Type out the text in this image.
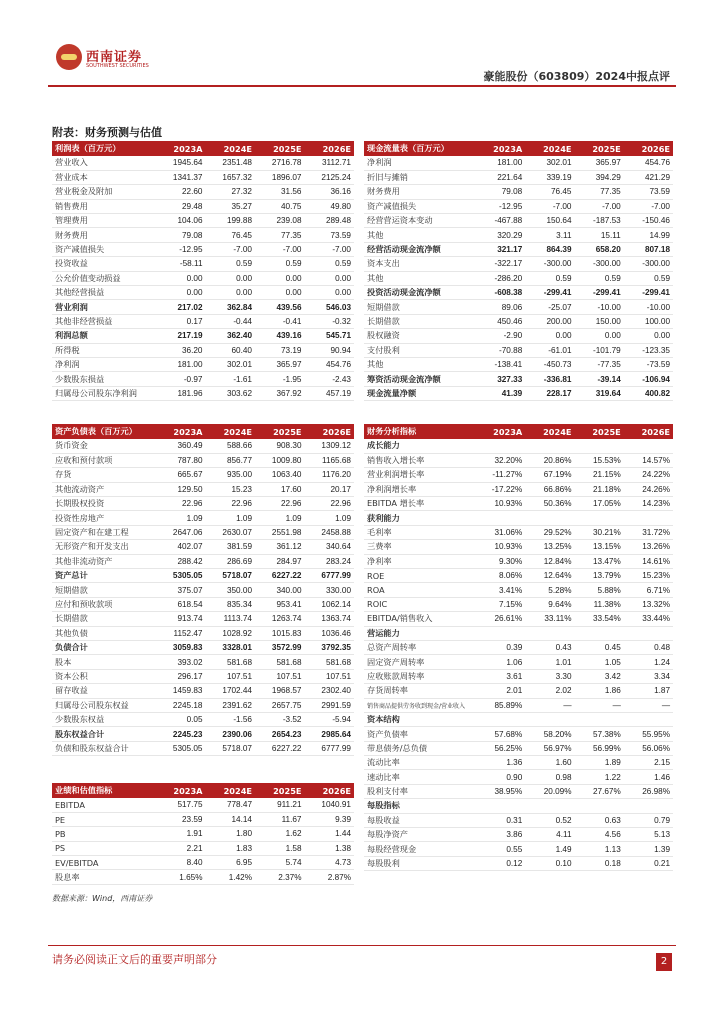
西南证券
SOUTHWEST SECURITIES
豪能股份（603809）2024中报点评
附表：财务预测与估值
利润表（百万元）	2023A	2024E	2025E	2026E
营业收入	1945.64	2351.48	2716.78	3112.71
营业成本	1341.37	1657.32	1896.07	2125.24
营业税金及附加	22.60	27.32	31.56	36.16
销售费用	29.48	35.27	40.75	49.80
管理费用	104.06	199.88	239.08	289.48
财务费用	79.08	76.45	77.35	73.59
资产减值损失	-12.95	-7.00	-7.00	-7.00
投资收益	-58.11	0.59	0.59	0.59
公允价值变动损益	0.00	0.00	0.00	0.00
其他经营损益	0.00	0.00	0.00	0.00
营业利润	217.02	362.84	439.56	546.03
其他非经营损益	0.17	-0.44	-0.41	-0.32
利润总额	217.19	362.40	439.16	545.71
所得税	36.20	60.40	73.19	90.94
净利润	181.00	302.01	365.97	454.76
少数股东损益	-0.97	-1.61	-1.95	-2.43
归属母公司股东净利润	181.96	303.62	367.92	457.19
现金流量表（百万元）	2023A	2024E	2025E	2026E
净利润	181.00	302.01	365.97	454.76
折旧与摊销	221.64	339.19	394.29	421.29
财务费用	79.08	76.45	77.35	73.59
资产减值损失	-12.95	-7.00	-7.00	-7.00
经营营运资本变动	-467.88	150.64	-187.53	-150.46
其他	320.29	3.11	15.11	14.99
经营活动现金流净额	321.17	864.39	658.20	807.18
资本支出	-322.17	-300.00	-300.00	-300.00
其他	-286.20	0.59	0.59	0.59
投资活动现金流净额	-608.38	-299.41	-299.41	-299.41
短期借款	89.06	-25.07	-10.00	-10.00
长期借款	450.46	200.00	150.00	100.00
股权融资	-2.90	0.00	0.00	0.00
支付股利	-70.88	-61.01	-101.79	-123.35
其他	-138.41	-450.73	-77.35	-73.59
筹资活动现金流净额	327.33	-336.81	-39.14	-106.94
现金流量净额	41.39	228.17	319.64	400.82
资产负债表（百万元）	2023A	2024E	2025E	2026E
货币资金	360.49	588.66	908.30	1309.12
应收和预付款项	787.80	856.77	1009.80	1165.68
存货	665.67	935.00	1063.40	1176.20
其他流动资产	129.50	15.23	17.60	20.17
长期股权投资	22.96	22.96	22.96	22.96
投资性房地产	1.09	1.09	1.09	1.09
固定资产和在建工程	2647.06	2630.07	2551.98	2458.88
无形资产和开发支出	402.07	381.59	361.12	340.64
其他非流动资产	288.42	286.69	284.97	283.24
资产总计	5305.05	5718.07	6227.22	6777.99
短期借款	375.07	350.00	340.00	330.00
应付和预收款项	618.54	835.34	953.41	1062.14
长期借款	913.74	1113.74	1263.74	1363.74
其他负债	1152.47	1028.92	1015.83	1036.46
负债合计	3059.83	3328.01	3572.99	3792.35
股本	393.02	581.68	581.68	581.68
资本公积	296.17	107.51	107.51	107.51
留存收益	1459.83	1702.44	1968.57	2302.40
归属母公司股东权益	2245.18	2391.62	2657.75	2991.59
少数股东权益	0.05	-1.56	-3.52	-5.94
股东权益合计	2245.23	2390.06	2654.23	2985.64
负债和股东权益合计	5305.05	5718.07	6227.22	6777.99
财务分析指标	2023A	2024E	2025E	2026E
成长能力				
销售收入增长率	32.20%	20.86%	15.53%	14.57%
营业利润增长率	-11.27%	67.19%	21.15%	24.22%
净利润增长率	-17.22%	66.86%	21.18%	24.26%
EBITDA 增长率	10.93%	50.36%	17.05%	14.23%
获利能力				
毛利率	31.06%	29.52%	30.21%	31.72%
三费率	10.93%	13.25%	13.15%	13.26%
净利率	9.30%	12.84%	13.47%	14.61%
ROE	8.06%	12.64%	13.79%	15.23%
ROA	3.41%	5.28%	5.88%	6.71%
ROIC	7.15%	9.64%	11.38%	13.32%
EBITDA/销售收入	26.61%	33.11%	33.54%	33.44%
营运能力				
总资产周转率	0.39	0.43	0.45	0.48
固定资产周转率	1.06	1.01	1.05	1.24
应收账款周转率	3.61	3.30	3.42	3.34
存货周转率	2.01	2.02	1.86	1.87
销售商品提供劳务收到现金/营业收入	85.89%	—	—	—
资本结构				
资产负债率	57.68%	58.20%	57.38%	55.95%
带息债务/总负债	56.25%	56.97%	56.99%	56.06%
流动比率	1.36	1.60	1.89	2.15
速动比率	0.90	0.98	1.22	1.46
股利支付率	38.95%	20.09%	27.67%	26.98%
每股指标				
每股收益	0.31	0.52	0.63	0.79
每股净资产	3.86	4.11	4.56	5.13
每股经营现金	0.55	1.49	1.13	1.39
每股股利	0.12	0.10	0.18	0.21
业绩和估值指标	2023A	2024E	2025E	2026E
EBITDA	517.75	778.47	911.21	1040.91
PE	23.59	14.14	11.67	9.39
PB	1.91	1.80	1.62	1.44
PS	2.21	1.83	1.58	1.38
EV/EBITDA	8.40	6.95	5.74	4.73
股息率	1.65%	1.42%	2.37%	2.87%
数据来源：Wind，西南证券
请务必阅读正文后的重要声明部分	2
